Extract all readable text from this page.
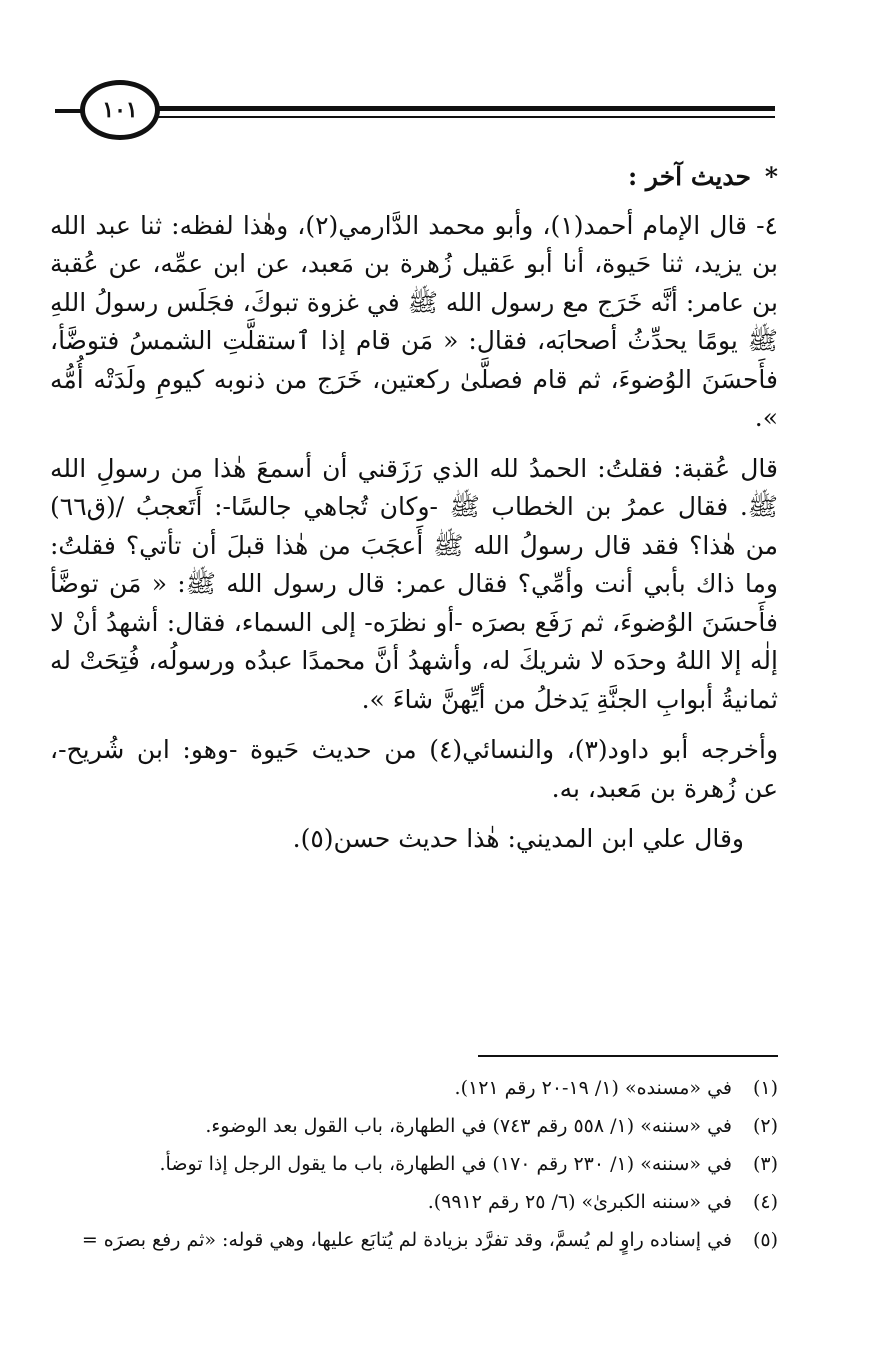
١٠١
*حديث آخر :

٤- قال الإمام أحمد(١)، وأبو محمد الدَّارمي(٢)، وهٰذا لفظه: ثنا عبد الله بن يزيد، ثنا حَيوة، أنا أبو عَقيل زُهرة بن مَعبد، عن ابن عمِّه، عن عُقبة بن عامر: أنَّه خَرَج مع رسول الله ﷺ في غزوة تبوكَ، فجَلَس رسولُ اللهِ ﷺ يومًا يحدِّثُ أصحابَه، فقال: « مَن قام إذا ٱستقلَّتِ الشمسُ فتوضَّأ، فأَحسَنَ الوُضوءَ، ثم قام فصلَّىٰ ركعتين، خَرَج من ذنوبه كيومِ ولَدَتْه أُمُّه ».

قال عُقبة: فقلتُ: الحمدُ لله الذي رَزَقني أن أسمعَ هٰذا من رسولِ الله ﷺ. فقال عمرُ بن الخطاب ﷺ -وكان تُجاهي جالسًا-: أَتَعجبُ /(ق٦٦) من هٰذا؟ فقد قال رسولُ الله ﷺ أَعجَبَ من هٰذا قبلَ أن تأتي؟ فقلتُ: وما ذاك بأبي أنت وأمِّي؟ فقال عمر: قال رسول الله ﷺ: « مَن توضَّأ فأَحسَنَ الوُضوءَ، ثم رَفَع بصرَه -أو نظرَه- إلى السماء، فقال: أشهدُ أنْ لا إلٰه إلا اللهُ وحدَه لا شريكَ له، وأشهدُ أنَّ محمدًا عبدُه ورسولُه، فُتِحَتْ له ثمانيةُ أبوابِ الجنَّةِ يَدخلُ من أيِّهنَّ شاءَ ».

وأخرجه أبو داود(٣)، والنسائي(٤) من حديث حَيوة -وهو: ابن شُريح-، عن زُهرة بن مَعبد، به.

وقال علي ابن المديني: هٰذا حديث حسن(٥).

(١)في «مسنده» (١/ ١٩-٢٠ رقم ١٢١).

(٢)في «سننه» (١/ ٥٥٨ رقم ٧٤٣) في الطهارة، باب القول بعد الوضوء.

(٣)في «سننه» (١/ ٢٣٠ رقم ١٧٠) في الطهارة، باب ما يقول الرجل إذا توضأ.

(٤)في «سننه الكبرىٰ» (٦/ ٢٥ رقم ٩٩١٢).

(٥)في إسناده راوٍ لم يُسمَّ، وقد تفرَّد بزيادة لم يُتابَع عليها، وهي قوله: «ثم رفع بصرَه =
